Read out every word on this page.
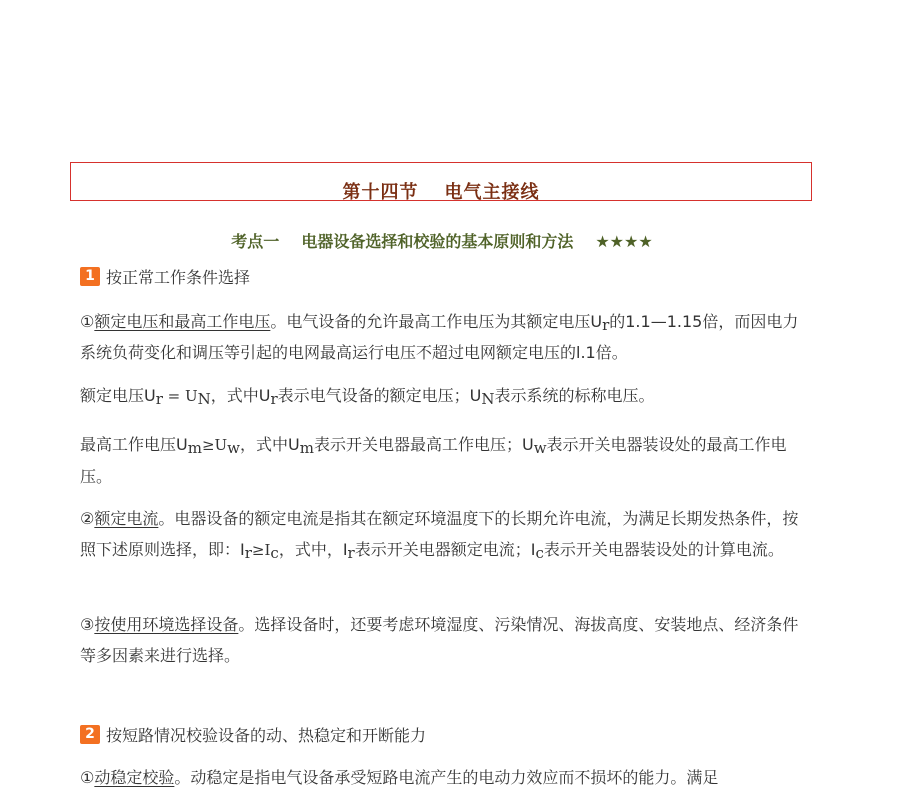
第十四节 电气主接线
考点一 电器设备选择和校验的基本原则和方法 ★★★★
1 按正常工作条件选择

①额定电压和最高工作电压。电气设备的允许最高工作电压为其额定电压$U_r$的1.1—1.15倍，而因电力系统负荷变化和调压等引起的电网最高运行电压不超过电网额定电压的l.1倍。

额定电压$U_r = U_N$，式中$U_r$表示电气设备的额定电压；$U_N$表示系统的标称电压。

最高工作电压$U_m\ge U_w$，式中$U_m$表示开关电器最高工作电压；$U_w$表示开关电器装设处的最高工作电压。

②额定电流。电器设备的额定电流是指其在额定环境温度下的长期允许电流，为满足长期发热条件，按照下述原则选择，即：$I_r\ge I_c$，式中，$I_r$表示开关电器额定电流；$I_c$表示开关电器装设处的计算电流。

③按使用环境选择设备。选择设备时，还要考虑环境湿度、污染情况、海拔高度、安装地点、经济条件等多因素来进行选择。

2 按短路情况校验设备的动、热稳定和开断能力

①动稳定校验。动稳定是指电气设备承受短路电流产生的电动力效应而不损坏的能力。满足
